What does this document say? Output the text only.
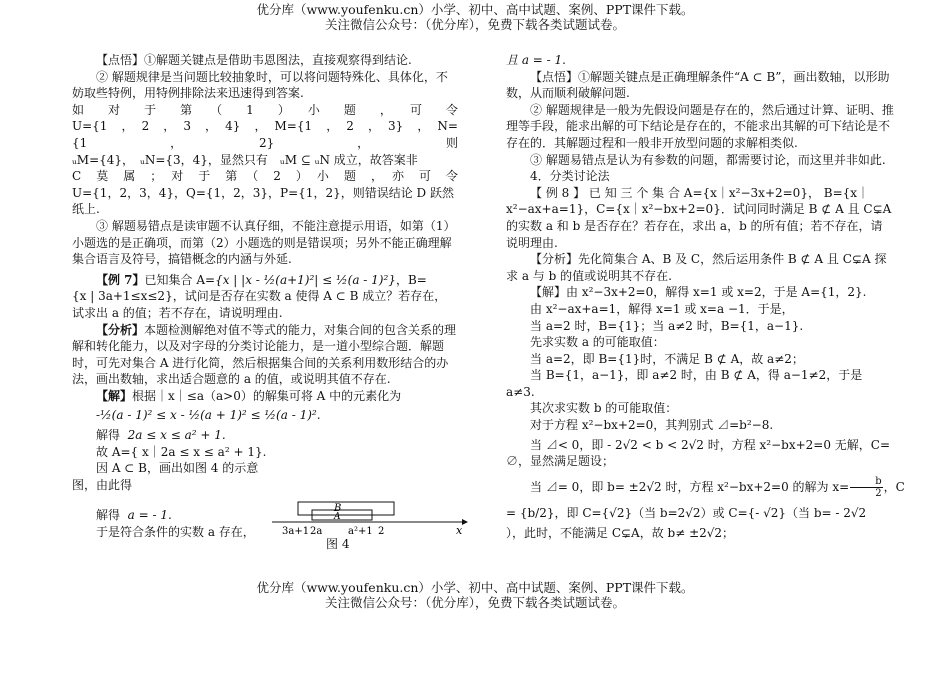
优分库（www.youfenku.cn）小学、初中、高中试题、案例、PPT课件下载。
关注微信公众号：（优分库），免费下载各类试题试卷。

【点悟】①解题关键点是借助韦恩图法，直接观察得到结论.

② 解题规律是当问题比较抽象时，可以将问题特殊化、具体化，不妨取些特例，用特例排除法来迅速得到答案.

如　对　于　第　（　1　）　小　题　，　可　令

U={1　，　2　，　3　，　4}　，　M={1　，　2　，　3}　，　N={1　，　2}　，　则

ᵤM={4}，　ᵤN={3，4}，显然只有　ᵤM ⊆ ᵤN 成立，故答案非

C　莫　属　；　对　于　第　（　2　）　小　题　，　亦　可　令

U={1，2，3，4}，Q={1，2，3}，P={1，2}，则错误结论 D 跃然纸上.

③ 解题易错点是读审题不认真仔细，不能注意提示用语，如第（1）小题选的是正确项，而第（2）小题选的则是错误项；另外不能正确理解集合语言及符号，搞错概念的内涵与外延.

【例 7】已知集合 A={x | |x - ½(a+1)²| ≤ ½(a - 1)²}，B=

{x | 3a+1≤x≤2}，试问是否存在实数 a 使得 A ⊂ B 成立？若存在，试求出 a 的值；若不存在，请说明理由.

【分析】本题检测解绝对值不等式的能力，对集合间的包含关系的理解和转化能力，以及对字母的分类讨论能力，是一道小型综合题．解题时，可先对集合 A 进行化简，然后根据集合间的关系利用数形结合的办法，画出数轴，求出适合题意的 a 的值，或说明其值不存在.

【解】根据｜x｜≤a（a>0）的解集可将 A 中的元素化为

-½(a - 1)² ≤ x - ½(a + 1)² ≤ ½(a - 1)².

解得 2a ≤ x ≤ a² + 1.

故 A={ x｜2a ≤ x ≤ a² + 1}.

因 A ⊂ B，画出如图 4 的示意图，由此得

解得 a = - 1.

于是符合条件的实数 a 存在，

B
A
3a+1 2a	a²+1 2	x
图 4

且 a = - 1.

【点悟】①解题关键点是正确理解条件“A ⊂ B”，画出数轴，以形助数，从而顺利破解问题.

② 解题规律是一般为先假设问题是存在的，然后通过计算、证明、推理等手段，能求出解的可下结论是存在的，不能求出其解的可下结论是不存在的．其解题过程和一般非开放型问题的求解相类似.

③ 解题易错点是认为有参数的问题，都需要讨论，而这里并非如此.

4．分类讨论法

【 例 8 】 已 知 三 个 集 合 A={x｜x²−3x+2=0}， B={x｜x²−ax+a=1}，C={x｜x²−bx+2=0}．试问同时满足 B ⊄ A 且 C⊊A 的实数 a 和 b 是否存在？若存在，求出 a，b 的所有值；若不存在，请说明理由.

【分析】先化简集合 A、B 及 C，然后运用条件 B ⊄ A 且 C⊊A 探求 a 与 b 的值或说明其不存在.

【解】由 x²−3x+2=0，解得 x=1 或 x=2，于是 A={1，2}.

由 x²−ax+a=1，解得 x=1 或 x=a −1．于是，

当 a=2 时，B={1}；当 a≠2 时，B={1，a−1}.

先求实数 a 的可能取值：

当 a=2，即 B={1}时，不满足 B ⊄ A，故 a≠2；

当 B={1，a−1}，即 a≠2 时，由 B ⊄ A，得 a−1≠2，于是 a≠3.

其次求实数 b 的可能取值：

对于方程 x²−bx+2=0，其判别式 ⊿=b²−8.

当 ⊿< 0，即 - 2√2 < b < 2√2 时，方程 x²−bx+2=0 无解，C=

∅，显然满足题设；

当 ⊿= 0，即 b= ±2√2 时，方程 x²−bx+2=0 的解为 $x= \frac{b}{2}$ ，C

= {b/2}，即 C={√2}（当 b=2√2）或 C={- √2}（当 b= - 2√2

），此时，不能满足 C⊊A，故 b≠ ±2√2；

优分库（www.youfenku.cn）小学、初中、高中试题、案例、PPT课件下载。
关注微信公众号：（优分库），免费下载各类试题试卷。
